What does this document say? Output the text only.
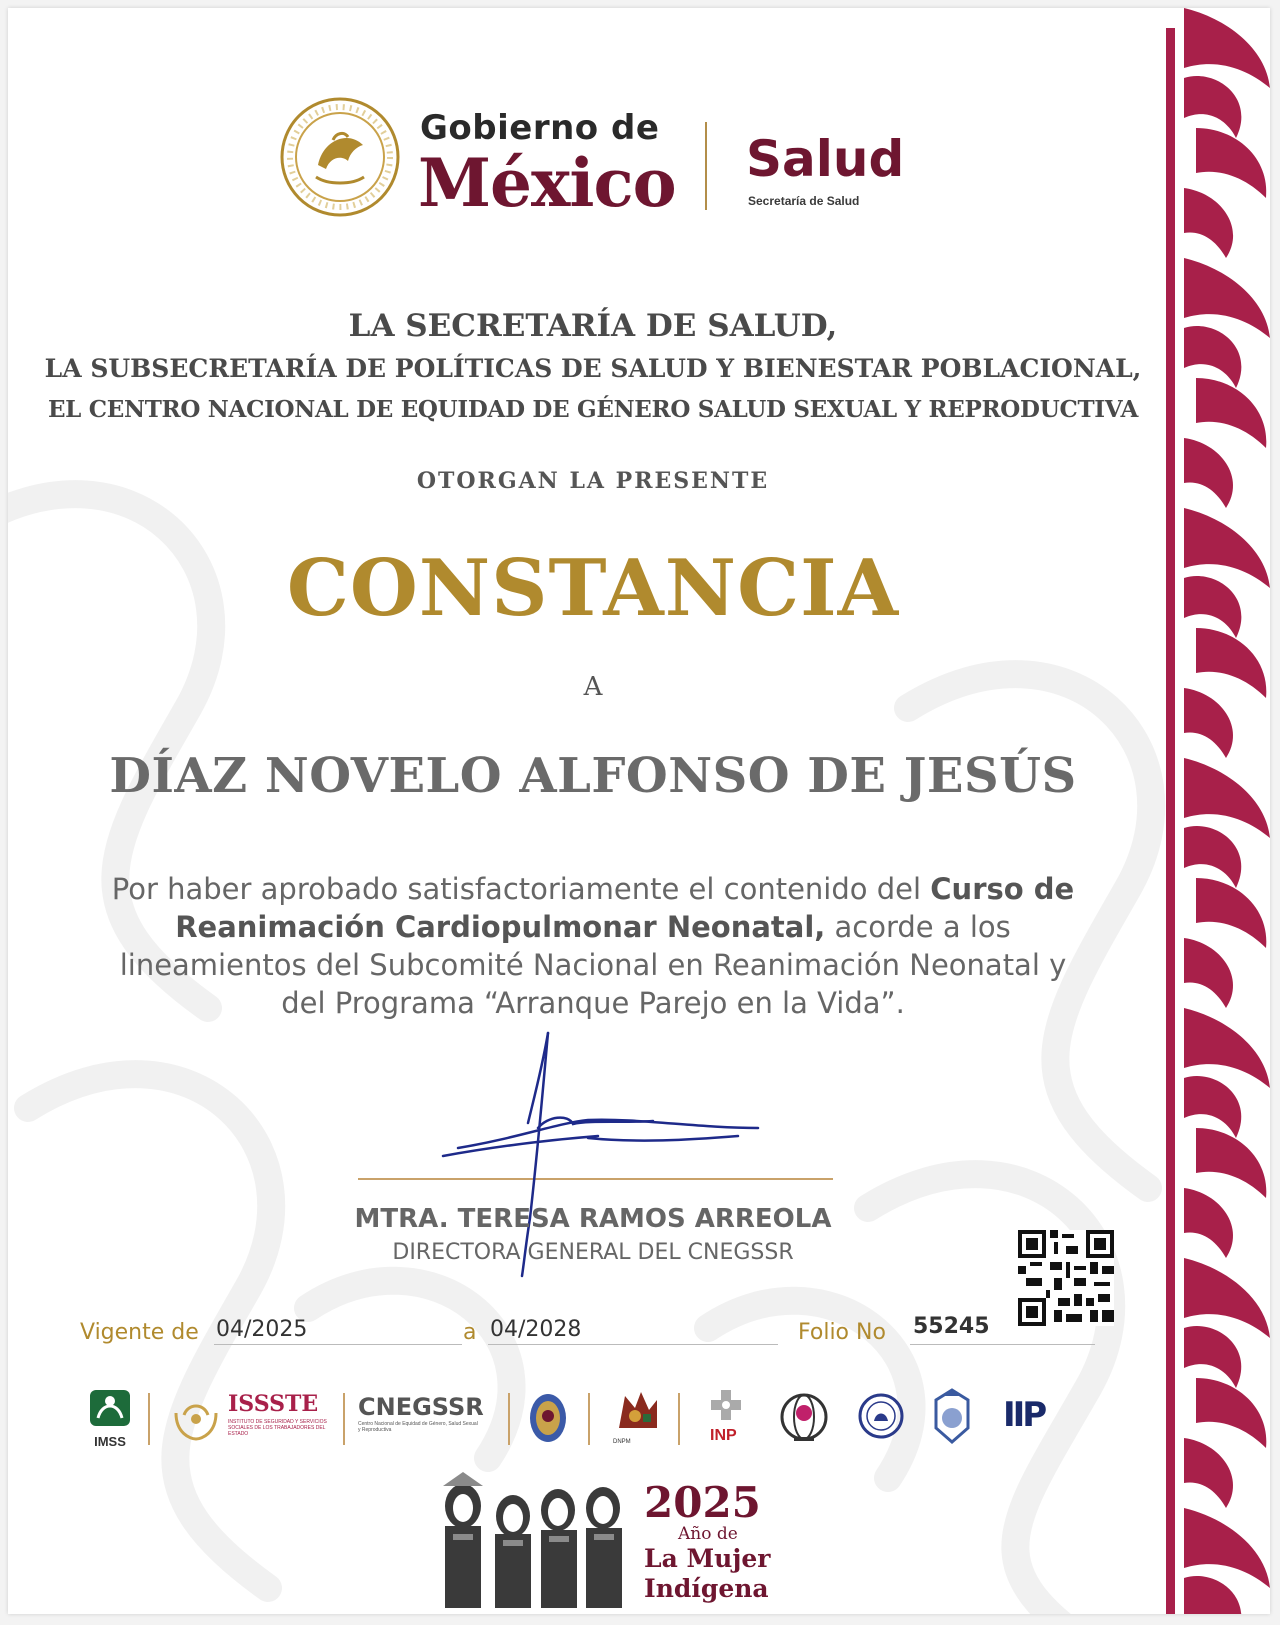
Gobierno de
México Salud
Secretaría de Salud
LA SECRETARÍA DE SALUD,
LA SUBSECRETARÍA DE POLÍTICAS DE SALUD Y BIENESTAR POBLACIONAL,
EL CENTRO NACIONAL DE EQUIDAD DE GÉNERO SALUD SEXUAL Y REPRODUCTIVA
OTORGAN LA PRESENTE
CONSTANCIA
A
DÍAZ NOVELO ALFONSO DE JESÚS
Por haber aprobado satisfactoriamente el contenido del Curso de Reanimación Cardiopulmonar Neonatal, acorde a los lineamientos del Subcomité Nacional en Reanimación Neonatal y del Programa “Arranque Parejo en la Vida”.
MTRA. TERESA RAMOS ARREOLA
DIRECTORA GENERAL DEL CNEGSSR
Vigente de 04/2025	a 04/2028	Folio No 55245
IMSS
ISSSTE
INSTITUTO DE SEGURIDAD Y SERVICIOS SOCIALES DE LOS TRABAJADORES DEL ESTADO
CNEGSSR
Centro Nacional de Equidad de Género, Salud Sexual y Reproductiva
DNPM	INP
IIP
2025
Año de
La Mujer
Indígena
